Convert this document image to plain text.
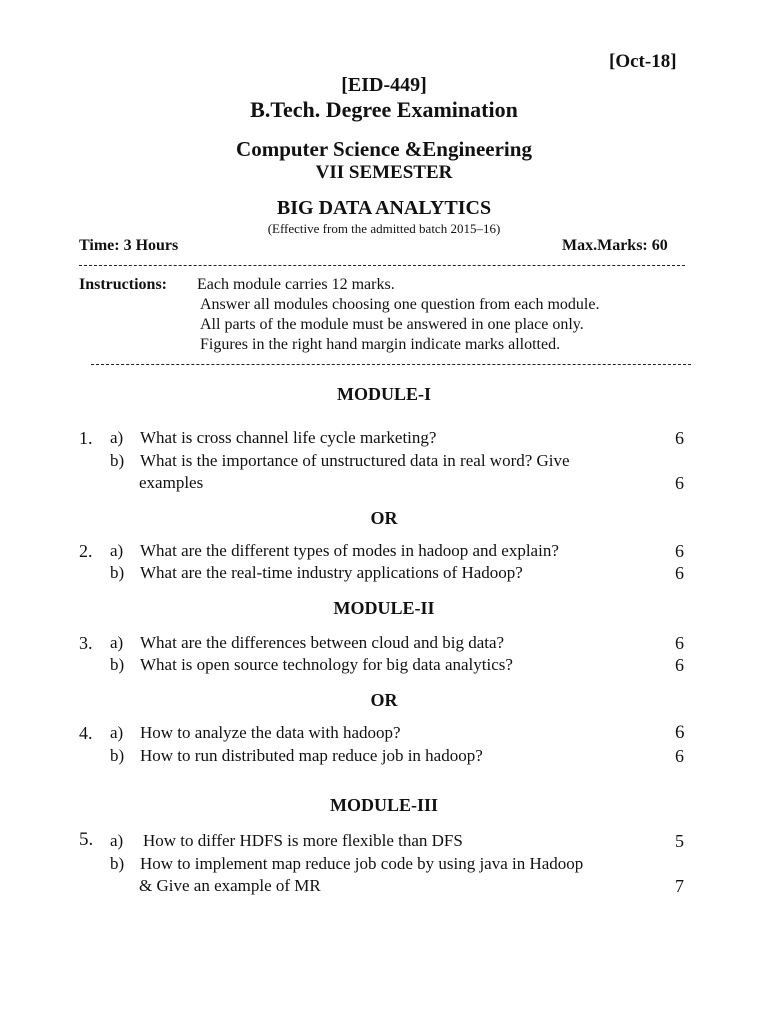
[Oct-18]
[EID-449]
B.Tech. Degree Examination
Computer Science &Engineering
VII SEMESTER
BIG DATA ANALYTICS
(Effective from the admitted batch 2015–16)
Time: 3 Hours	Max.Marks: 60
Instructions: Each module carries 12 marks.
Answer all modules choosing one question from each module.
All parts of the module must be answered in one place only.
Figures in the right hand margin indicate marks allotted.
MODULE-I
1. a) What is cross channel life cycle marketing?	6
b) What is the importance of unstructured data in real word? Give
examples	6
OR
2. a) What are the different types of modes in hadoop and explain?	6
b) What are the real-time industry applications of Hadoop?	6
MODULE-II
3. a) What are the differences between cloud and big data?	6
b) What is open source technology for big data analytics?	6
OR
4. a) How to analyze the data with hadoop?	6
b) How to run distributed map reduce job in hadoop?	6
MODULE-III
5. a) How to differ HDFS is more flexible than DFS	5
b) How to implement map reduce job code by using java in Hadoop
& Give an example of MR	7
